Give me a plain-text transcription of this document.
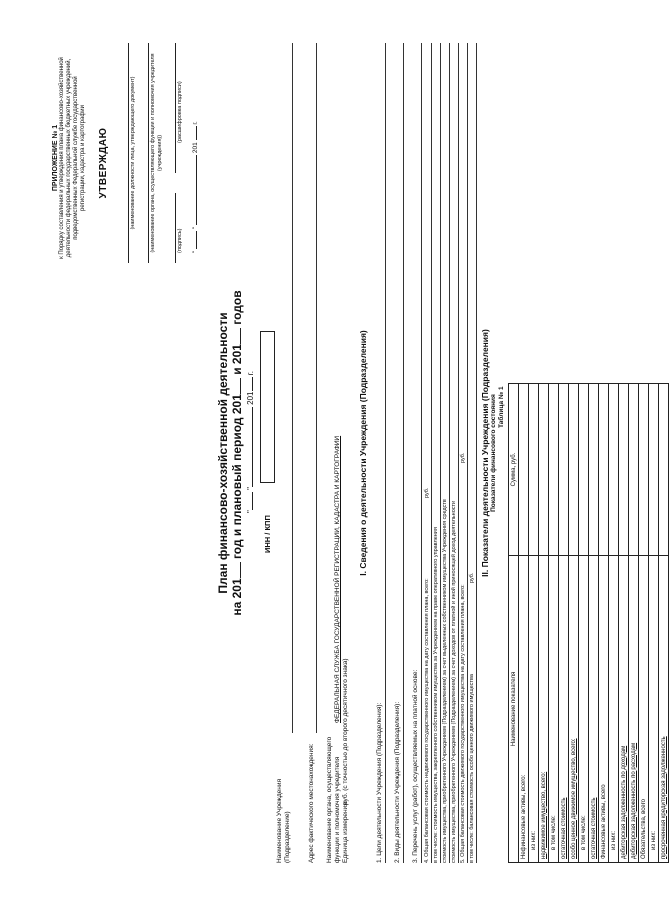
ПРИЛОЖЕНИЕ № 1 к Порядку составления и утверждения плана финансово-хозяйственной деятельности федеральных государственных бюджетных учреждений, подведомственных Федеральной службе государственной регистрации, кадастра и картографии УТВЕРЖДАЮ	(наименование должности лица, утверждающего документ)	(наименование органа, осуществляющего функции и полномочия учредителя (учреждения))
(подпись)
(расшифровка подписи)
"  "  201  г.
План финансово-хозяйственной деятельности
на 201 год и плановый период 201 и 201 годов
" " 201 г.
ИНН / КПП
Наименование Учреждения (Подразделение)	Адрес фактического местонахождения: Наименование органа, осуществляющего функции и полномочия учредителя
ФЕДЕРАЛЬНАЯ СЛУЖБА ГОСУДАРСТВЕННОЙ РЕГИСТРАЦИИ, КАДАСТРА И КАРТОГРАФИИ
Единица измерения:
руб. (с точностью до второго десятичного знака)
I. Сведения о деятельности Учреждения (Подразделения)
1. Цели деятельности Учреждения (Подразделения): 2. Виды деятельности Учреждения (Подразделения): 3. Перечень услуг (работ), осуществляемых на платной основе: 4. Общая балансовая стоимость недвижимого государственного имущества на дату составления плана, всего:
руб.
в том числе: стоимость имущества, закрепленного собственником имущества за Учреждением на праве оперативного управления стоимость имущества, приобретенного Учреждением (Подразделением) за счет выделенных собственником имущества Учреждения средств стоимость имущества, приобретенного Учреждением (Подразделением) за счет доходов от платной и иной приносящей доход деятельности 5. Общая балансовая стоимость движимого государственного имущества на дату составления плана, всего:
руб.
в том числе: балансовая стоимость особо ценного движимого имущества
руб.
II. Показатели деятельности Учреждения (Подразделения) Показатели финансового состояния Таблица № 1
Наименование показателя	Сумма, руб.
Нефинансовые активы, всего:	
из них:	
недвижимое имущество, всего:	
в том числе:	
остаточная стоимость	
особо ценное движимое имущество, всего:	
в том числе:	
остаточная стоимость	
Финансовые активы, всего	
из них:	
дебиторская задолженность по доходам	
дебиторская задолженность по расходам	
Обязательства, всего	
из них:	
просроченная кредиторская задолженность	
